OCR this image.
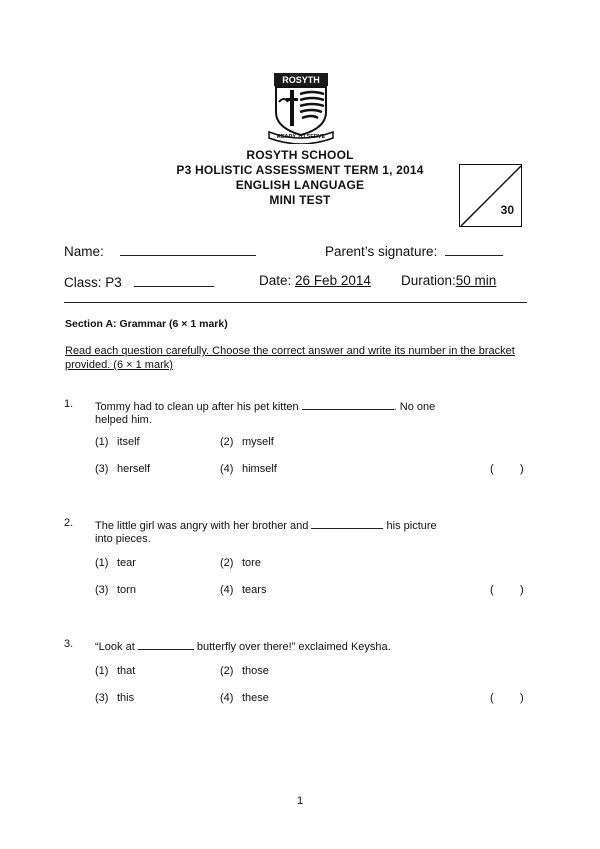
ROSYTH
READY TO SERVE
ROSYTH SCHOOL
P3 HOLISTIC ASSESSMENT TERM 1, 2014
ENGLISH LANGUAGE
MINI TEST
30
Name:	Parent’s signature:
Class: P3	Date: 26 Feb 2014 Duration:50 min
Section A: Grammar (6 × 1 mark)
Read each question carefully. Choose the correct answer and write its number in the bracket provided. (6 × 1 mark)
1. Tommy had to clean up after his pet kitten	. No one
helped him.
(1) itself	(2) myself
(3) herself	(4) himself	( )
2. The little girl was angry with her brother and	his picture
into pieces.
(1) tear	(2) tore
(3) torn	(4) tears	( )
3. “Look at	butterfly over there!” exclaimed Keysha.
(1) that	(2) those
(3) this	(4) these	( )
1
